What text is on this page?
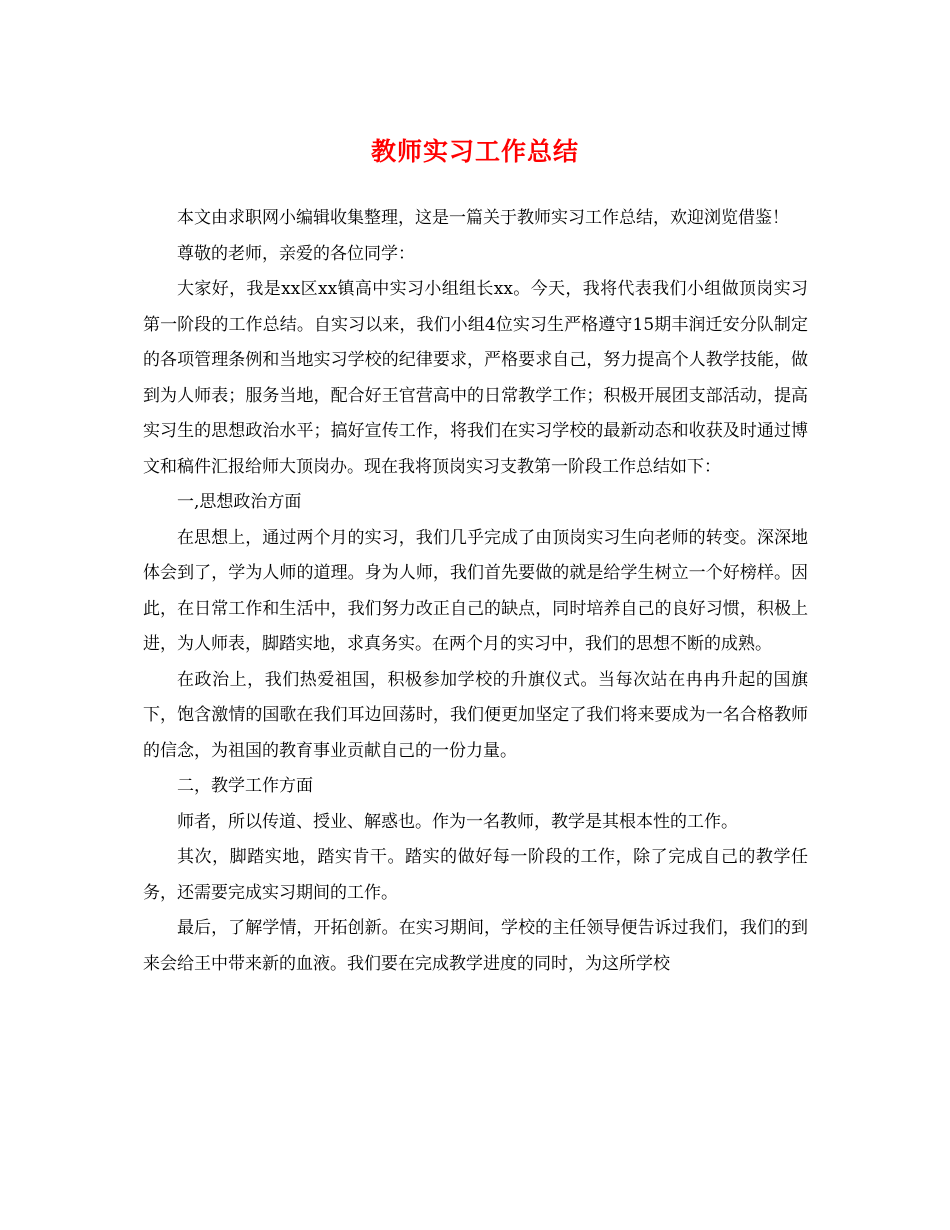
教师实习工作总结

本文由求职网小编辑收集整理，这是一篇关于教师实习工作总结，欢迎浏览借鉴！

尊敬的老师，亲爱的各位同学：

大家好，我是xx区xx镇高中实习小组组长xx。今天，我将代表我们小组做顶岗实习第一阶段的工作总结。自实习以来，我们小组4位实习生严格遵守15期丰润迁安分队制定的各项管理条例和当地实习学校的纪律要求，严格要求自己，努力提高个人教学技能，做到为人师表；服务当地，配合好王官营高中的日常教学工作；积极开展团支部活动，提高实习生的思想政治水平；搞好宣传工作，将我们在实习学校的最新动态和收获及时通过博文和稿件汇报给师大顶岗办。现在我将顶岗实习支教第一阶段工作总结如下：

一,思想政治方面

在思想上，通过两个月的实习，我们几乎完成了由顶岗实习生向老师的转变。深深地体会到了，学为人师的道理。身为人师，我们首先要做的就是给学生树立一个好榜样。因此，在日常工作和生活中，我们努力改正自己的缺点，同时培养自己的良好习惯，积极上进，为人师表，脚踏实地，求真务实。在两个月的实习中，我们的思想不断的成熟。

在政治上，我们热爱祖国，积极参加学校的升旗仪式。当每次站在冉冉升起的国旗下，饱含激情的国歌在我们耳边回荡时，我们便更加坚定了我们将来要成为一名合格教师的信念，为祖国的教育事业贡献自己的一份力量。

二，教学工作方面

师者，所以传道、授业、解惑也。作为一名教师，教学是其根本性的工作。

其次，脚踏实地，踏实肯干。踏实的做好每一阶段的工作，除了完成自己的教学任务，还需要完成实习期间的工作。

最后，了解学情，开拓创新。在实习期间，学校的主任领导便告诉过我们，我们的到来会给王中带来新的血液。我们要在完成教学进度的同时，为这所学校
